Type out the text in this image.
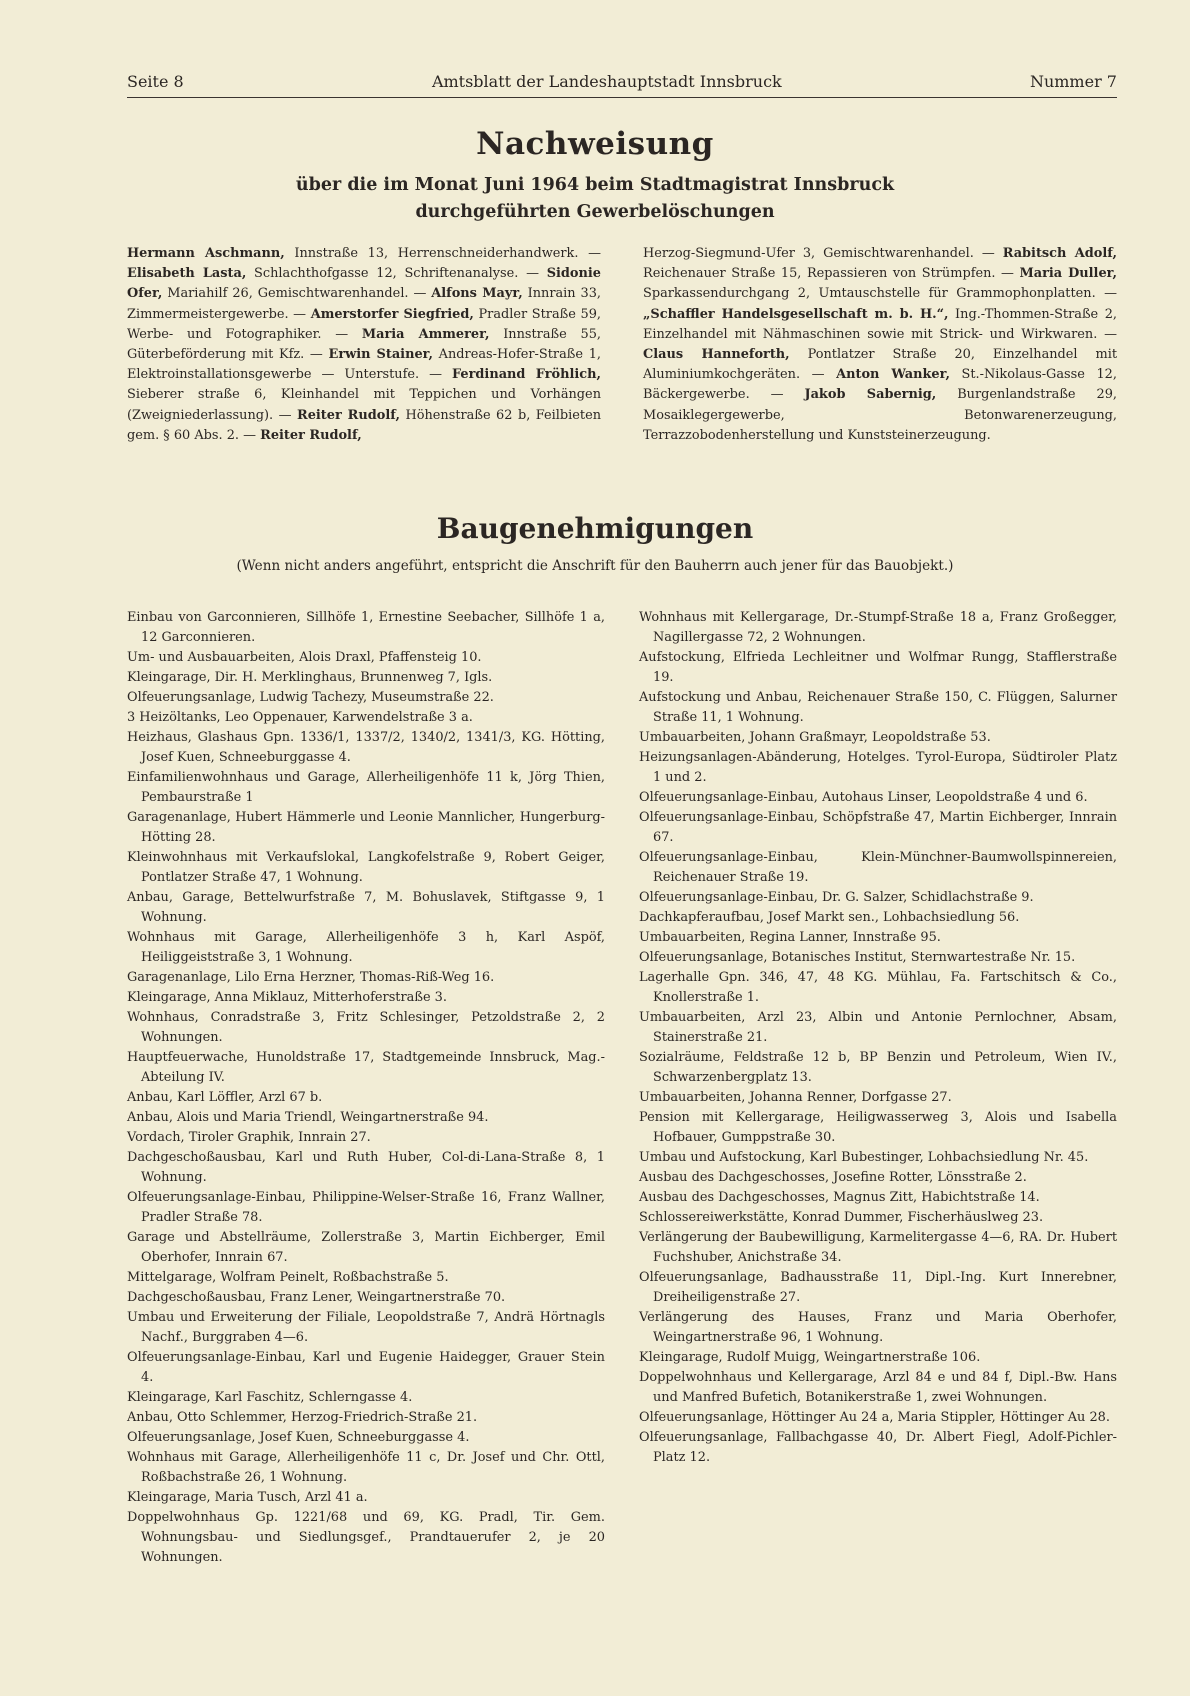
Seite 8	Amtsblatt der Landeshauptstadt Innsbruck	Nummer 7
Nachweisung
über die im Monat Juni 1964 beim Stadtmagistrat Innsbruck
durchgeführten Gewerbelöschungen
Hermann Aschmann, Innstraße 13, Herrenschneiderhandwerk. — Elisabeth Lasta, Schlachthofgasse 12, Schriftenanalyse. — Sidonie Ofer, Mariahilf 26, Gemischtwarenhandel. — Alfons Mayr, Innrain 33, Zimmermeistergewerbe. — Amerstorfer Siegfried, Pradler Straße 59, Werbe- und Fotographiker. — Maria Ammerer, Innstraße 55, Güterbeförderung mit Kfz. — Erwin Stainer, Andreas-Hofer-Straße 1, Elektroinstallationsgewerbe — Unterstufe. — Ferdinand Fröhlich, Sieberer straße 6, Kleinhandel mit Teppichen und Vorhängen (Zweigniederlassung). — Reiter Rudolf, Höhenstraße 62 b, Feilbieten gem. § 60 Abs. 2. — Reiter Rudolf,
Herzog-Siegmund-Ufer 3, Gemischtwarenhandel. — Rabitsch Adolf, Reichenauer Straße 15, Repassieren von Strümpfen. — Maria Duller, Sparkassendurchgang 2, Umtauschstelle für Grammophonplatten. — „Schaffler Handelsgesellschaft m. b. H.“, Ing.-Thommen-Straße 2, Einzelhandel mit Nähmaschinen sowie mit Strick- und Wirkwaren. — Claus Hanneforth, Pontlatzer Straße 20, Einzelhandel mit Aluminiumkochgeräten. — Anton Wanker, St.-Nikolaus-Gasse 12, Bäckergewerbe. — Jakob Sabernig, Burgenlandstraße 29, Mosaiklegergewerbe, Betonwarenerzeugung, Terrazzobodenherstellung und Kunststeinerzeugung.
Baugenehmigungen
(Wenn nicht anders angeführt, entspricht die Anschrift für den Bauherrn auch jener für das Bauobjekt.)

Einbau von Garconnieren, Sillhöfe 1, Ernestine Seebacher, Sillhöfe 1 a, 12 Garconnieren.

Um- und Ausbauarbeiten, Alois Draxl, Pfaffensteig 10.

Kleingarage, Dir. H. Merklinghaus, Brunnenweg 7, Igls.

Olfeuerungsanlage, Ludwig Tachezy, Museumstraße 22.

3 Heizöltanks, Leo Oppenauer, Karwendelstraße 3 a.

Heizhaus, Glashaus Gpn. 1336/1, 1337/2, 1340/2, 1341/3, KG. Hötting, Josef Kuen, Schneeburggasse 4.

Einfamilienwohnhaus und Garage, Allerheiligenhöfe 11 k, Jörg Thien, Pembaurstraße 1

Garagenanlage, Hubert Hämmerle und Leonie Mannlicher, Hungerburg-Hötting 28.

Kleinwohnhaus mit Verkaufslokal, Langkofelstraße 9, Robert Geiger, Pontlatzer Straße 47, 1 Wohnung.

Anbau, Garage, Bettelwurfstraße 7, M. Bohuslavek, Stiftgasse 9, 1 Wohnung.

Wohnhaus mit Garage, Allerheiligenhöfe 3 h, Karl Aspöf, Heiliggeiststraße 3, 1 Wohnung.

Garagenanlage, Lilo Erna Herzner, Thomas-Riß-Weg 16.

Kleingarage, Anna Miklauz, Mitterhoferstraße 3.

Wohnhaus, Conradstraße 3, Fritz Schlesinger, Petzoldstraße 2, 2 Wohnungen.

Hauptfeuerwache, Hunoldstraße 17, Stadtgemeinde Innsbruck, Mag.-Abteilung IV.

Anbau, Karl Löffler, Arzl 67 b.

Anbau, Alois und Maria Triendl, Weingartnerstraße 94.

Vordach, Tiroler Graphik, Innrain 27.

Dachgeschoßausbau, Karl und Ruth Huber, Col-di-Lana-Straße 8, 1 Wohnung.

Olfeuerungsanlage-Einbau, Philippine-Welser-Straße 16, Franz Wallner, Pradler Straße 78.

Garage und Abstellräume, Zollerstraße 3, Martin Eichberger, Emil Oberhofer, Innrain 67.

Mittelgarage, Wolfram Peinelt, Roßbachstraße 5.

Dachgeschoßausbau, Franz Lener, Weingartnerstraße 70.

Umbau und Erweiterung der Filiale, Leopoldstraße 7, Andrä Hörtnagls Nachf., Burggraben 4—6.

Olfeuerungsanlage-Einbau, Karl und Eugenie Haidegger, Grauer Stein 4.

Kleingarage, Karl Faschitz, Schlerngasse 4.

Anbau, Otto Schlemmer, Herzog-Friedrich-Straße 21.

Olfeuerungsanlage, Josef Kuen, Schneeburggasse 4.

Wohnhaus mit Garage, Allerheiligenhöfe 11 c, Dr. Josef und Chr. Ottl, Roßbachstraße 26, 1 Wohnung.

Kleingarage, Maria Tusch, Arzl 41 a.

Doppelwohnhaus Gp. 1221/68 und 69, KG. Pradl, Tir. Gem. Wohnungsbau- und Siedlungsgef., Prandtauerufer 2, je 20 Wohnungen.

Wohnhaus mit Kellergarage, Dr.-Stumpf-Straße 18 a, Franz Großegger, Nagillergasse 72, 2 Wohnungen.

Aufstockung, Elfrieda Lechleitner und Wolfmar Rungg, Stafflerstraße 19.

Aufstockung und Anbau, Reichenauer Straße 150, C. Flüggen, Salurner Straße 11, 1 Wohnung.

Umbauarbeiten, Johann Graßmayr, Leopoldstraße 53.

Heizungsanlagen-Abänderung, Hotelges. Tyrol-Europa, Südtiroler Platz 1 und 2.

Olfeuerungsanlage-Einbau, Autohaus Linser, Leopoldstraße 4 und 6.

Olfeuerungsanlage-Einbau, Schöpfstraße 47, Martin Eichberger, Innrain 67.

Olfeuerungsanlage-Einbau, Klein-Münchner-Baumwollspinnereien, Reichenauer Straße 19.

Olfeuerungsanlage-Einbau, Dr. G. Salzer, Schidlachstraße 9.

Dachkapferaufbau, Josef Markt sen., Lohbachsiedlung 56.

Umbauarbeiten, Regina Lanner, Innstraße 95.

Olfeuerungsanlage, Botanisches Institut, Sternwartestraße Nr. 15.

Lagerhalle Gpn. 346, 47, 48 KG. Mühlau, Fa. Fartschitsch & Co., Knollerstraße 1.

Umbauarbeiten, Arzl 23, Albin und Antonie Pernlochner, Absam, Stainerstraße 21.

Sozialräume, Feldstraße 12 b, BP Benzin und Petroleum, Wien IV., Schwarzenbergplatz 13.

Umbauarbeiten, Johanna Renner, Dorfgasse 27.

Pension mit Kellergarage, Heiligwasserweg 3, Alois und Isabella Hofbauer, Gumppstraße 30.

Umbau und Aufstockung, Karl Bubestinger, Lohbachsiedlung Nr. 45.

Ausbau des Dachgeschosses, Josefine Rotter, Lönsstraße 2.

Ausbau des Dachgeschosses, Magnus Zitt, Habichtstraße 14.

Schlossereiwerkstätte, Konrad Dummer, Fischerhäuslweg 23.

Verlängerung der Baubewilligung, Karmelitergasse 4—6, RA. Dr. Hubert Fuchshuber, Anichstraße 34.

Olfeuerungsanlage, Badhausstraße 11, Dipl.-Ing. Kurt Innerebner, Dreiheiligenstraße 27.

Verlängerung des Hauses, Franz und Maria Oberhofer, Weingartnerstraße 96, 1 Wohnung.

Kleingarage, Rudolf Muigg, Weingartnerstraße 106.

Doppelwohnhaus und Kellergarage, Arzl 84 e und 84 f, Dipl.-Bw. Hans und Manfred Bufetich, Botanikerstraße 1, zwei Wohnungen.

Olfeuerungsanlage, Höttinger Au 24 a, Maria Stippler, Höttinger Au 28.

Olfeuerungsanlage, Fallbachgasse 40, Dr. Albert Fiegl, Adolf-Pichler-Platz 12.
